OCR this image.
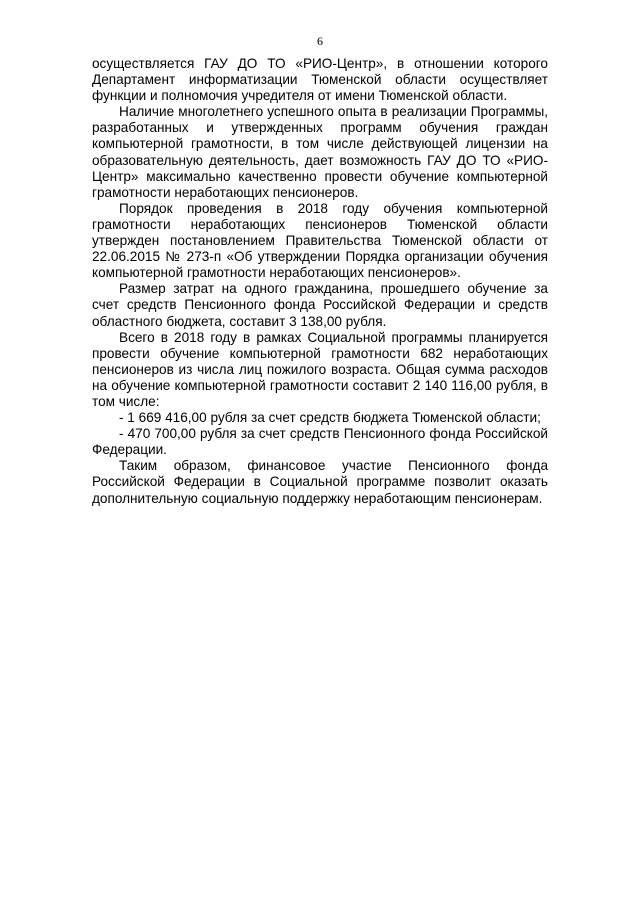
6

осуществляется ГАУ ДО ТО «РИО-Центр», в отношении которого Департамент информатизации Тюменской области осуществляет функции и полномочия учредителя от имени Тюменской области.

Наличие многолетнего успешного опыта в реализации Программы, разработанных и утвержденных программ обучения граждан компьютерной грамотности, в том числе действующей лицензии на образовательную деятельность, дает возможность ГАУ ДО ТО «РИО-Центр» максимально качественно провести обучение компьютерной грамотности неработающих пенсионеров.

Порядок проведения в 2018 году обучения компьютерной грамотности неработающих пенсионеров Тюменской области утвержден постановлением Правительства Тюменской области от 22.06.2015 № 273-п «Об утверждении Порядка организации обучения компьютерной грамотности неработающих пенсионеров».

Размер затрат на одного гражданина, прошедшего обучение за счет средств Пенсионного фонда Российской Федерации и средств областного бюджета, составит 3 138,00 рубля.

Всего в 2018 году в рамках Социальной программы планируется провести обучение компьютерной грамотности 682 неработающих пенсионеров из числа лиц пожилого возраста. Общая сумма расходов на обучение компьютерной грамотности составит 2 140 116,00 рубля, в том числе:

- 1 669 416,00 рубля за счет средств бюджета Тюменской области;

- 470 700,00 рубля за счет средств Пенсионного фонда Российской Федерации.

Таким образом, финансовое участие Пенсионного фонда Российской Федерации в Социальной программе позволит оказать дополнительную социальную поддержку неработающим пенсионерам.
